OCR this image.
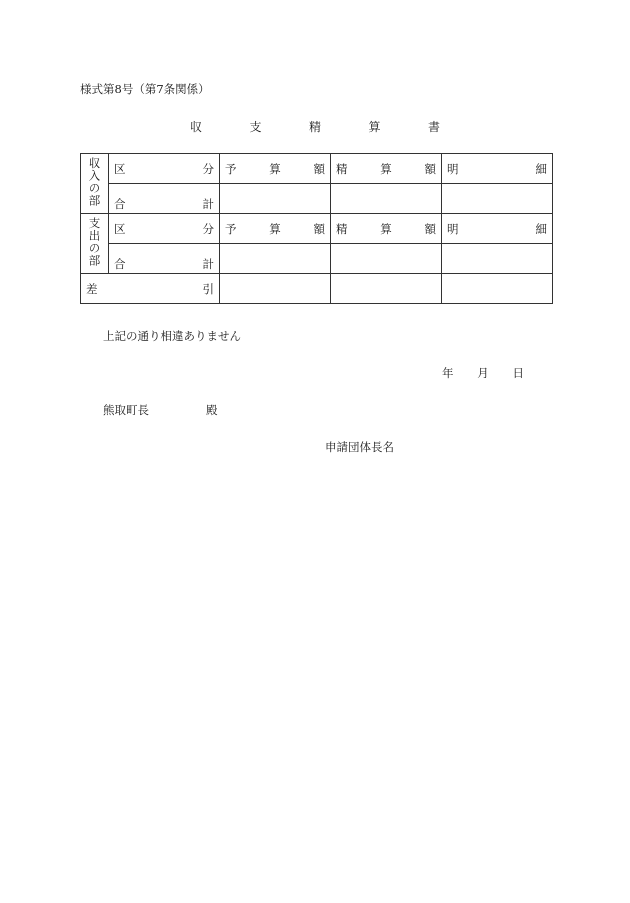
様式第8号（第7条関係）
収	支	精	算	書
収入の部	区 分	予 算 額	精 算 額	明 細

	合 計			

支出の部	区 分	予 算 額	精 算 額	明 細

	合 計			

差 引				

上記の通り相違ありません
年 月 日
熊取町長	殿
申請団体長名
